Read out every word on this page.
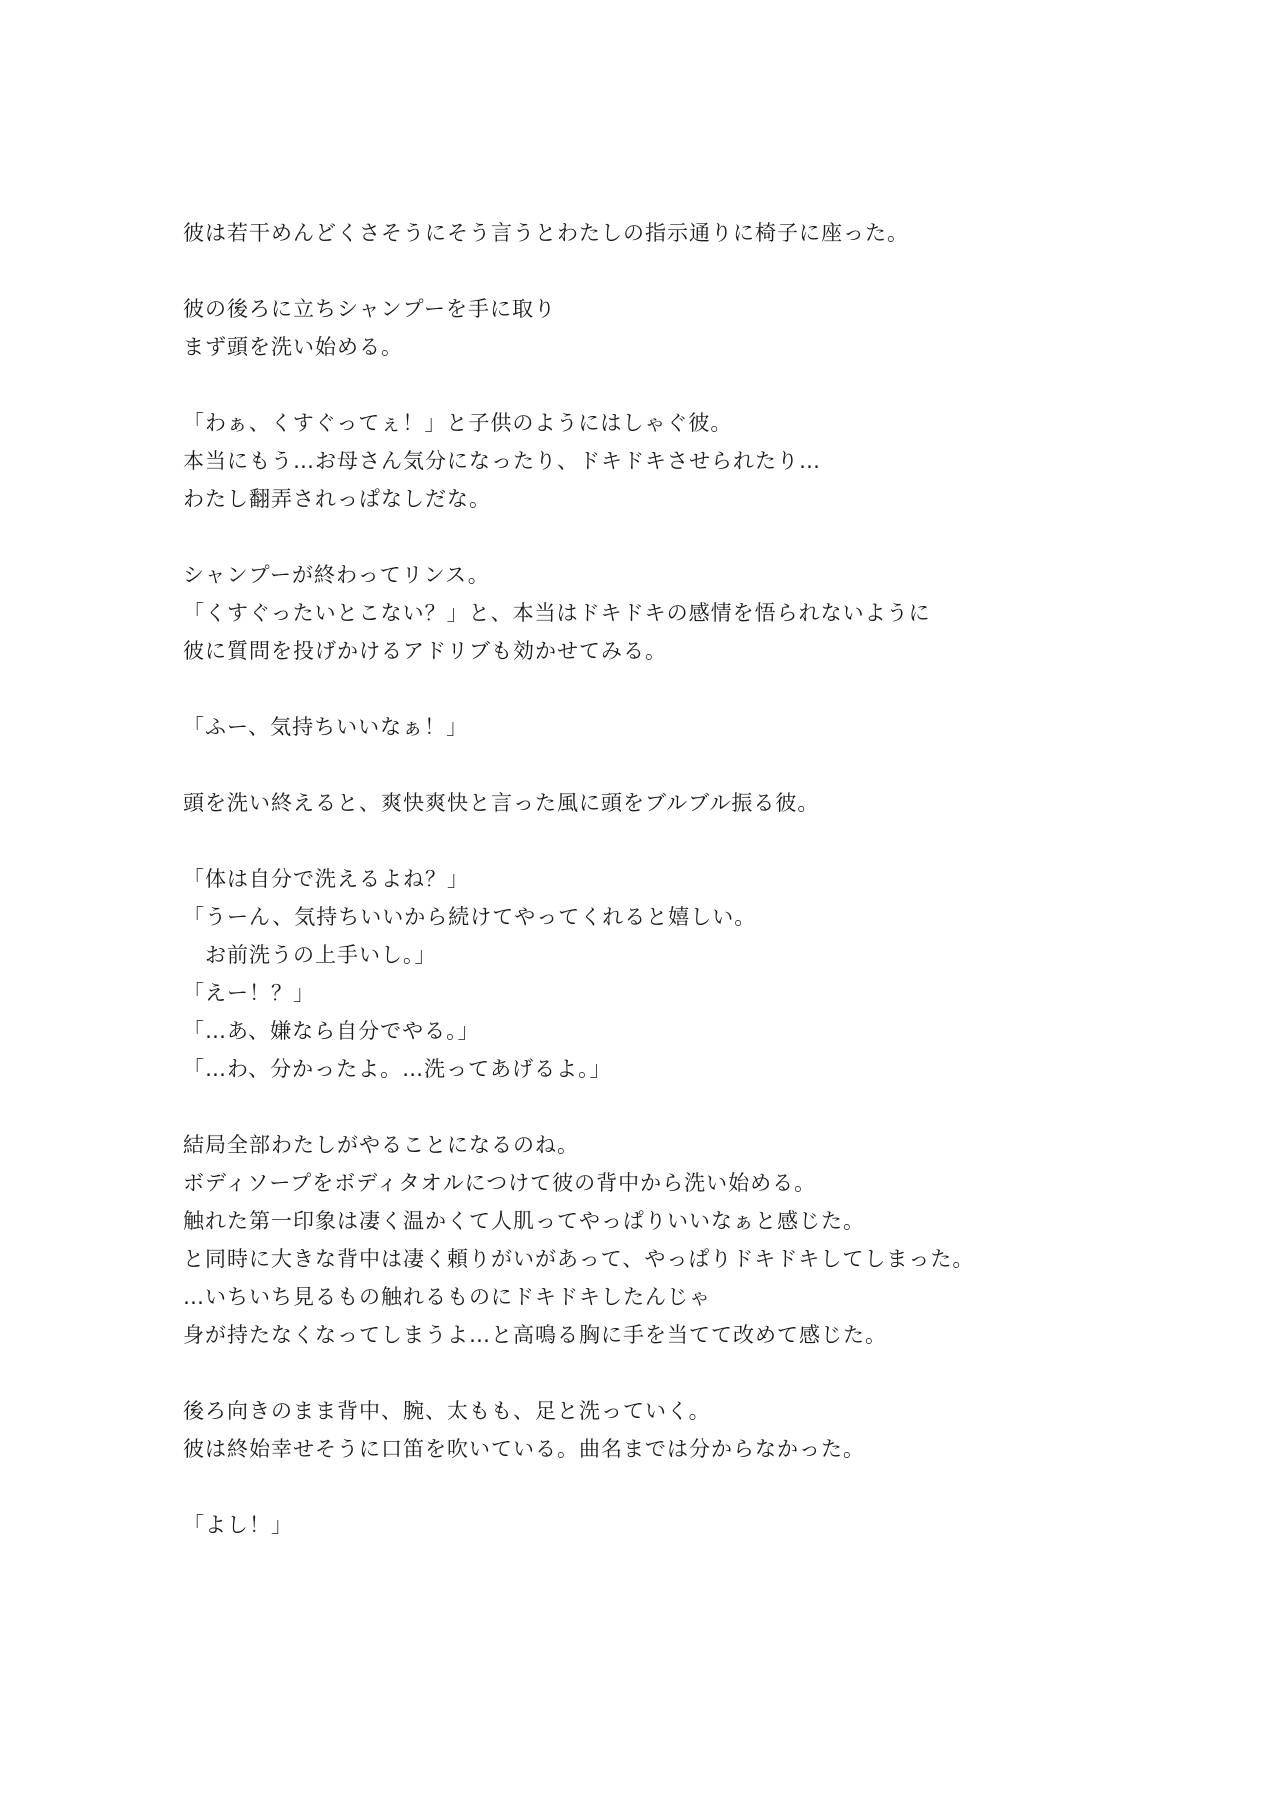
彼は若干めんどくさそうにそう言うとわたしの指示通りに椅子に座った。
彼の後ろに立ちシャンプーを手に取り
まず頭を洗い始める。
「わぁ、くすぐってぇ！」と子供のようにはしゃぐ彼。
本当にもう…お母さん気分になったり、ドキドキさせられたり…
わたし翻弄されっぱなしだな。
シャンプーが終わってリンス。
「くすぐったいとこない？」と、本当はドキドキの感情を悟られないように
彼に質問を投げかけるアドリブも効かせてみる。
「ふー、気持ちいいなぁ！」
頭を洗い終えると、爽快爽快と言った風に頭をブルブル振る彼。
「体は自分で洗えるよね？」
「うーん、気持ちいいから続けてやってくれると嬉しい。
　お前洗うの上手いし。」
「えー！？」
「…あ、嫌なら自分でやる。」
「…わ、分かったよ。…洗ってあげるよ。」
結局全部わたしがやることになるのね。
ボディソープをボディタオルにつけて彼の背中から洗い始める。
触れた第一印象は凄く温かくて人肌ってやっぱりいいなぁと感じた。
と同時に大きな背中は凄く頼りがいがあって、やっぱりドキドキしてしまった。
…いちいち見るもの触れるものにドキドキしたんじゃ
身が持たなくなってしまうよ…と高鳴る胸に手を当てて改めて感じた。
後ろ向きのまま背中、腕、太もも、足と洗っていく。
彼は終始幸せそうに口笛を吹いている。曲名までは分からなかった。
「よし！」
